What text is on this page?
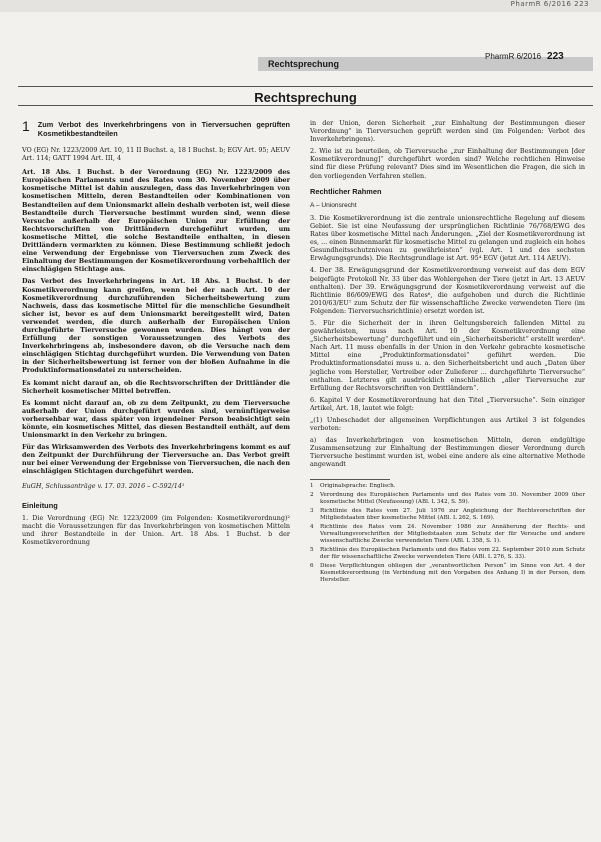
PharmR 6/2016 223
Rechtsprechung
PharmR 6/2016 223
Rechtsprechung
1 Zum Verbot des Inverkehrbringens von in Tierversuchen geprüften Kosmetikbestandteilen

VO (EG) Nr. 1223/2009 Art. 10, 11 II Buchst. a, 18 I Buchst. b; EGV Art. 95; AEUV Art. 114; GATT 1994 Art. III, 4

Art. 18 Abs. 1 Buchst. b der Verordnung (EG) Nr. 1223/2009 des Europäischen Parlaments und des Rates vom 30. November 2009 über kosmetische Mittel ist dahin auszulegen, dass das Inverkehrbringen von kosmetischen Mitteln, deren Bestandteilen oder Kombinationen von Bestandteilen auf dem Unionsmarkt allein deshalb verboten ist, weil diese Bestandteile durch Tierversuche bestimmt wurden sind, wenn diese Versuche außerhalb der Europäischen Union zur Erfüllung der Rechtsvorschriften von Drittländern durchgeführt wurden, um kosmetische Mittel, die solche Bestandteile enthalten, in diesen Drittländern vermarkten zu können. Diese Bestimmung schließt jedoch eine Verwendung der Ergebnisse von Tierversuchen zum Zweck des Einhaltung der Bestimmungen der Kosmetikverordnung vorbehaltlich der einschlägigen Stichtage aus.

Das Verbot des Inverkehrbringens in Art. 18 Abs. 1 Buchst. b der Kosmetikverordnung kann greifen, wenn bei der nach Art. 10 der Kosmetikverordnung durchzuführenden Sicherheitsbewertung zum Nachweis, dass das kosmetische Mittel für die menschliche Gesundheit sicher ist, bevor es auf dem Unionsmarkt bereitgestellt wird, Daten verwendet werden, die durch außerhalb der Europäischen Union durchgeführte Tierversuche gewonnen wurden. Dies hängt von der Erfüllung der sonstigen Voraussetzungen des Verbots des Inverkehrbringens ab, insbesondere davon, ob die Versuche nach dem einschlägigen Stichtag durchgeführt wurden. Die Verwendung von Daten in der Sicherheitsbewertung ist ferner von der bloßen Aufnahme in die Produktinformationsdatei zu unterscheiden.

Es kommt nicht darauf an, ob die Rechtsvorschriften der Drittländer die Sicherheit kosmetischer Mittel betreffen.

Es kommt nicht darauf an, ob zu dem Zeitpunkt, zu dem Tierversuche außerhalb der Union durchgeführt wurden sind, vernünftigerweise vorhersehbar war, dass später von irgendeiner Person beabsichtigt sein könnte, ein kosmetisches Mittel, das diesen Bestandteil enthält, auf dem Unionsmarkt in den Verkehr zu bringen.

Für das Wirksamwerden des Verbots des Inverkehrbringens kommt es auf den Zeitpunkt der Durchführung der Tierversuche an. Das Verbot greift nur bei einer Verwendung der Ergebnisse von Tierversuchen, die nach den einschlägigen Stichtagen durchgeführt werden.

EuGH, Schlussanträge v. 17. 03. 2016 – C-592/14¹

Einleitung

1. Die Verordnung (EG) Nr. 1223/2009 (im Folgenden: Kosmetikverordnung)² macht die Voraussetzungen für das Inverkehrbringen von kosmetischen Mitteln und ihrer Bestandteile in der Union. Art. 18 Abs. 1 Buchst. b der Kosmetikverordnung

in der Union, deren Sicherheit „zur Einhaltung der Bestimmungen dieser Verordnung“ in Tierversuchen geprüft werden sind (im Folgenden: Verbot des Inverkehrbringens).

2. Wie ist zu beurteilen, ob Tierversuche „zur Einhaltung der Bestimmungen [der Kosmetikverordnung]“ durchgeführt worden sind? Welche rechtlichen Hinweise sind für diese Prüfung relevant? Dies sind im Wesentlichen die Fragen, die sich in den vorliegenden Verfahren stellen.

Rechtlicher Rahmen
A – Unionsrecht

3. Die Kosmetikverordnung ist die zentrale unionsrechtliche Regelung auf diesem Gebiet. Sie ist eine Neufassung der ursprünglichen Richtlinie 76/768/EWG des Rates über kosmetische Mittel nach Änderungen. „Ziel der Kosmetikverordnung ist es, ... einen Binnenmarkt für kosmetische Mittel zu gelangen und zugleich ein hohes Gesundheitsschutzniveau zu gewährleisten“ (vgl. Art. 1 und des sechsten Erwägungsgrunds). Die Rechtsgrundlage ist Art. 95⁴ EGV (jetzt Art. 114 AEUV).

4. Der 38. Erwägungsgrund der Kosmetikverordnung verweist auf das dem EGV beigefügte Protokoll Nr. 33 über das Wohlergehen der Tiere (jetzt in Art. 13 AEUV enthalten). Der 39. Erwägungsgrund der Kosmetikverordnung verweist auf die Richtlinie 86/609/EWG des Rates⁶, die aufgehoben und durch die Richtlinie 2010/63/EU⁷ zum Schutz der für wissenschaftliche Zwecke verwendeten Tiere (im Folgenden: Tierversuchsrichtlinie) ersetzt worden ist.

5. Für die Sicherheit der in ihren Geltungsbereich fallenden Mittel zu gewährleisten, muss nach Art. 10 der Kosmetikverordnung eine „Sicherheitsbewertung“ durchgeführt und ein „Sicherheitsbericht“ erstellt werden⁸. Nach Art. 11 muss ebenfalls in der Union in den Verkehr gebrachte kosmetische Mittel eine „Produktinformationsdatei“ geführt werden. Die Produktinformationsdatei muss u. a. den Sicherheitsbericht und auch „Daten über jegliche vom Hersteller, Vertreiber oder Zulieferer ... durchgeführte Tierversuche“ enthalten. Letzteres gilt ausdrücklich einschließlich „aller Tierversuche zur Erfüllung der Rechtsvorschriften von Drittländern“.

6. Kapitel V der Kosmetikverordnung hat den Titel „Tierversuche“. Sein einziger Artikel, Art. 18, lautet wie folgt:

„(1) Unbeschadet der allgemeinen Verpflichtungen aus Artikel 3 ist folgendes verboten:

a) das Inverkehrbringen von kosmetischen Mitteln, deren endgültige Zusammensetzung zur Einhaltung der Bestimmungen dieser Verordnung durch Tierversuche bestimmt wurden ist, wobei eine andere als eine alternative Methode angewandt

1	Originalsprache: Englisch.
2	Verordnung des Europäischen Parlaments und des Rates vom 30. November 2009 über kosmetische Mittel (Neufassung) (ABl. L 342, S. 59).
3	Richtlinie des Rates vom 27. Juli 1976 zur Angleichung der Rechtsvorschriften der Mitgliedstaaten über kosmetische Mittel (ABl. L 262, S. 169).
4	Richtlinie des Rates vom 24. November 1986 zur Annäherung der Rechts- und Verwaltungsvorschriften der Mitgliedstaaten zum Schutz der für Versuche und andere wissenschaftliche Zwecke verwendeten Tiere (ABl. L 358, S. 1).
5	Richtlinie des Europäischen Parlaments und des Rates vom 22. September 2010 zum Schutz der für wissenschaftliche Zwecke verwendeten Tiere (ABl. L 276, S. 33).
6	Diese Verpflichtungen obliegen der „verantwortlichen Person“ im Sinne von Art. 4 der Kosmetikverordnung (in Verbindung mit den Vorgaben des Anhang I) in der Person, dem Hersteller.
